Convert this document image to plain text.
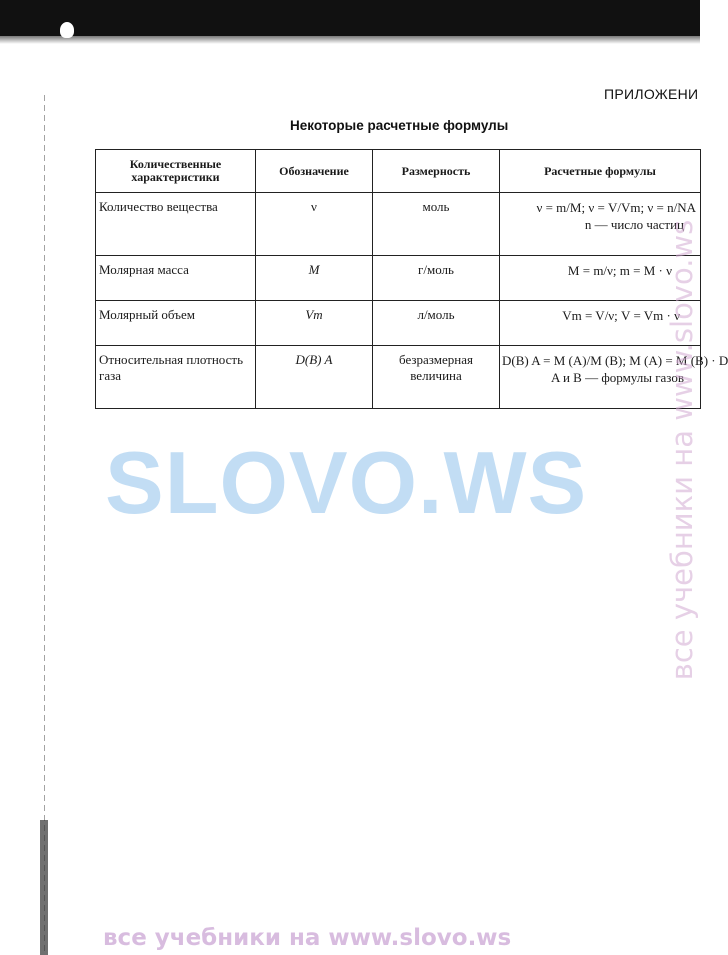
ПРИЛОЖЕНИ
Некоторые расчетные формулы
Количественные характеристики	Обозначение	Размерность	Расчетные формулы
Количество вещества	ν	моль	ν = m/M; ν = V/Vm; ν = n/NA
n — число частиц

Молярная масса	M	г/моль	M = m/ν; m = M · ν

Молярный объем	Vm	л/моль	Vm = V/ν; V = Vm · ν

Относительная плотность газа	D(B) A	безразмерная величина	D(B) A = M (A)/M (B); M (A) = M (B) · D
A и B — формулы газов
SLOVO.WS	все учебники на www.slovo.ws
все учебники на www.slovo.ws
